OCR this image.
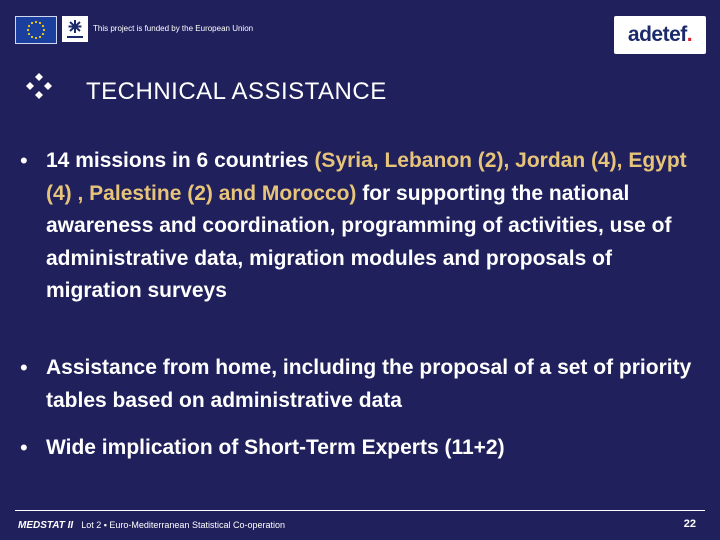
This project is funded by the European Union	adetef .
TECHNICAL ASSISTANCE
• 14 missions in 6 countries (Syria, Lebanon (2), Jordan (4), Egypt (4) , Palestine (2) and Morocco) for supporting the national awareness and coordination, programming of activities, use of administrative data, migration modules and proposals of migration surveys
• Assistance from home, including the proposal of a set of priority tables based on administrative data
• Wide implication of Short-Term Experts (11+2)
MEDSTAT II Lot 2 ▪ Euro-Mediterranean Statistical Co-operation	22
